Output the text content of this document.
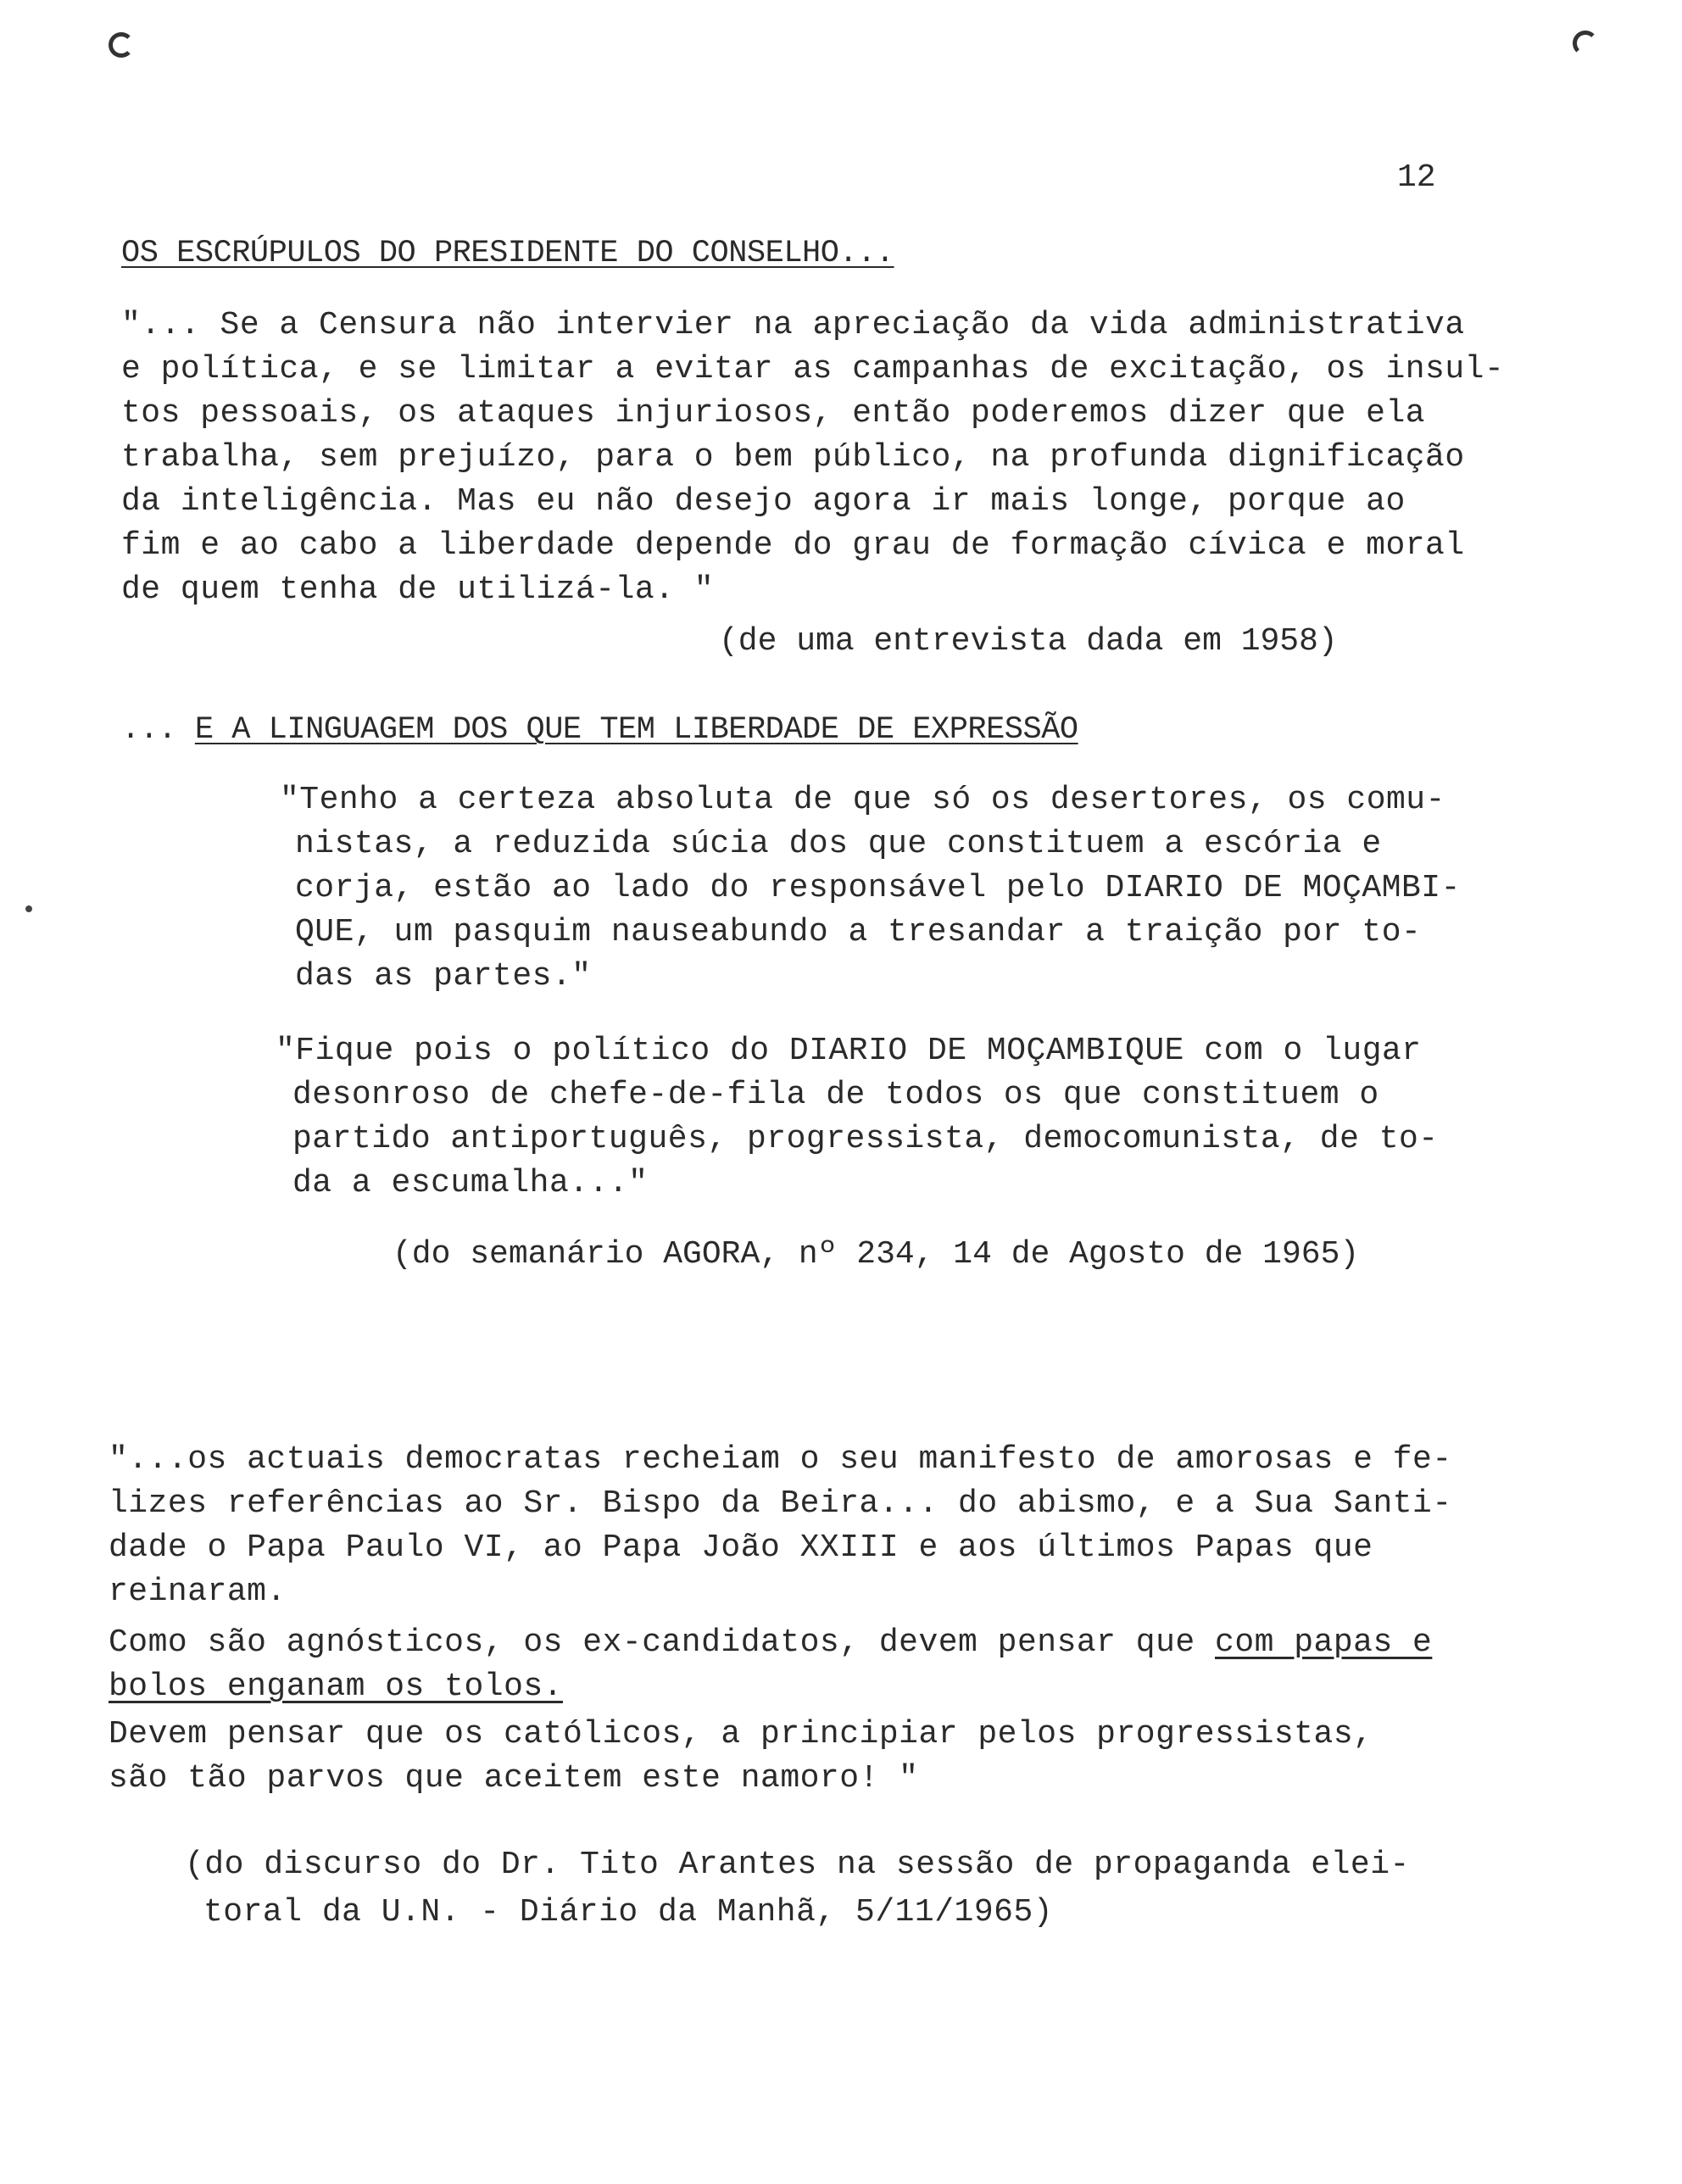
12
OS ESCRÚPULOS DO PRESIDENTE DO CONSELHO...
"... Se a Censura não intervier na apreciação da vida administrativa
e política, e se limitar a evitar as campanhas de excitação, os insul-
tos pessoais, os ataques injuriosos, então poderemos dizer que ela
trabalha, sem prejuízo, para o bem público, na profunda dignificação
da inteligência. Mas eu não desejo agora ir mais longe, porque ao
fim e ao cabo a liberdade depende do grau de formação cívica e moral
de quem tenha de utilizá-la. "
(de uma entrevista dada em 1958)
... E A LINGUAGEM DOS QUE TEM LIBERDADE DE EXPRESSÃO
"Tenho a certeza absoluta de que só os desertores, os comu-
nistas, a reduzida súcia dos que constituem a escória e
corja, estão ao lado do responsável pelo DIARIO DE MOÇAMBI-
QUE, um pasquim nauseabundo a tresandar a traição por to-
das as partes."
"Fique pois o político do DIARIO DE MOÇAMBIQUE com o lugar
desonroso de chefe-de-fila de todos os que constituem o
partido antiportuguês, progressista, democomunista, de to-
da a escumalha..."
(do semanário AGORA, nº 234, 14 de Agosto de 1965)
"...os actuais democratas recheiam o seu manifesto de amorosas e fe-
lizes referências ao Sr. Bispo da Beira... do abismo, e a Sua Santi-
dade o Papa Paulo VI, ao Papa João XXIII e aos últimos Papas que
reinaram.
Como são agnósticos, os ex-candidatos, devem pensar que com papas e
bolos enganam os tolos.
Devem pensar que os católicos, a principiar pelos progressistas,
são tão parvos que aceitem este namoro! "
(do discurso do Dr. Tito Arantes na sessão de propaganda elei-
toral da U.N. - Diário da Manhã, 5/11/1965)
